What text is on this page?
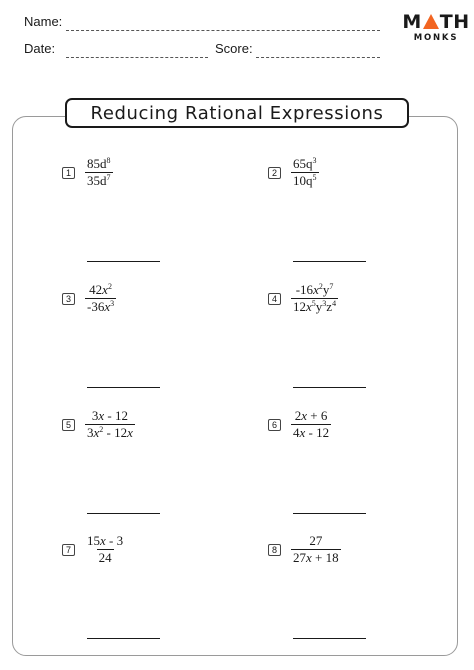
Name:
Date:	Score:
M TH
MONKS
Reducing Rational Expressions
1	$\frac{85d^8}{35d^7}$	2	$\frac{65q^3}{10q^5}$
3	$\frac{42x^2}{-36x^3}$	4	$\frac{-16x^2y^7}{12x^5y^3z^4}$
5	$\frac{3x - 12}{3x^2 - 12x}$	6	$\frac{2x + 6}{4x - 12}$
7	$\frac{15x - 3}{24}$	8	$\frac{27}{27x + 18}$
